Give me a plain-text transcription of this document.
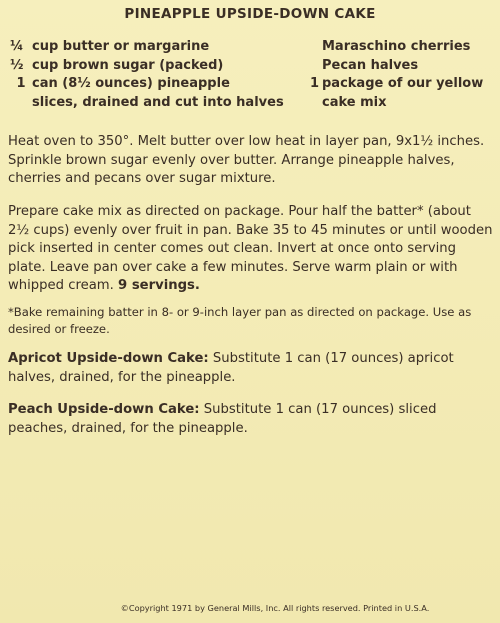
PINEAPPLE UPSIDE-DOWN CAKE
¼ cup butter or margarine
½ cup brown sugar (packed)
1 can (8½ ounces) pineapple
slices, drained and cut into halves
Maraschino cherries
Pecan halves
1 package of our yellow
cake mix

Heat oven to 350°. Melt butter over low heat in layer pan, 9x1½ inches. Sprinkle brown sugar evenly over butter. Arrange pineapple halves, cherries and pecans over sugar mixture.

Prepare cake mix as directed on package. Pour half the batter* (about 2½ cups) evenly over fruit in pan. Bake 35 to 45 minutes or until wooden pick inserted in center comes out clean. Invert at once onto serving plate. Leave pan over cake a few minutes. Serve warm plain or with whipped cream. 9 servings.

*Bake remaining batter in 8- or 9-inch layer pan as directed on package. Use as desired or freeze.

Apricot Upside-down Cake: Substitute 1 can (17 ounces) apricot halves, drained, for the pineapple.

Peach Upside-down Cake: Substitute 1 can (17 ounces) sliced peaches, drained, for the pineapple.

©Copyright 1971 by General Mills, Inc. All rights reserved. Printed in U.S.A.
